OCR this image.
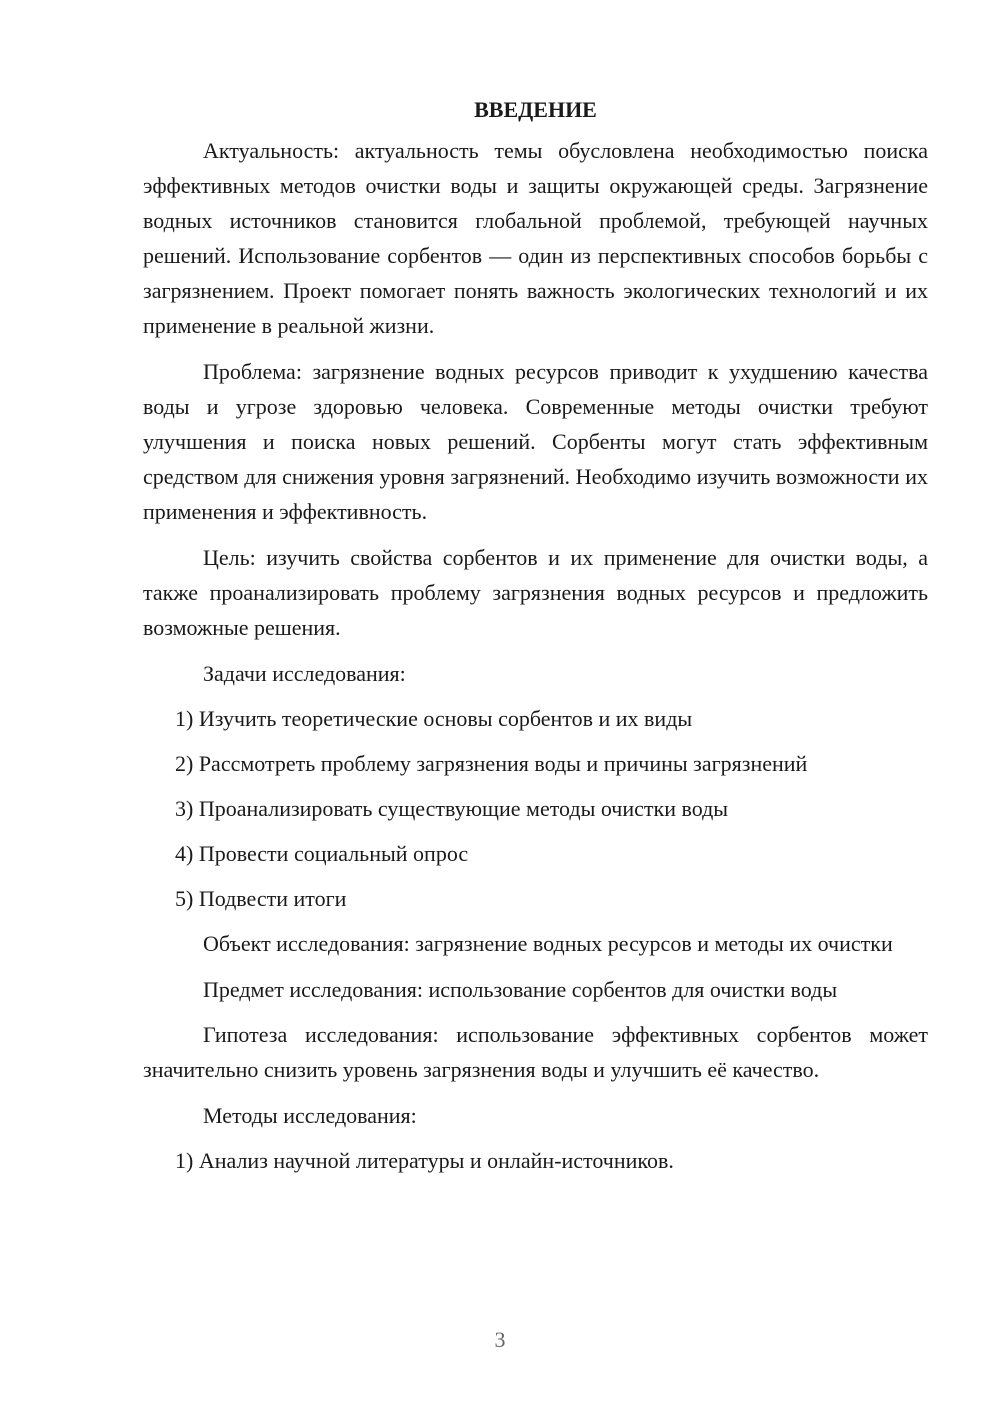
ВВЕДЕНИЕ

Актуальность: актуальность темы обусловлена необходимостью поиска эффективных методов очистки воды и защиты окружающей среды. Загрязнение водных источников становится глобальной проблемой, требующей научных решений. Использование сорбентов — один из перспективных способов борьбы с загрязнением. Проект помогает понять важность экологических технологий и их применение в реальной жизни.

Проблема: загрязнение водных ресурсов приводит к ухудшению качества воды и угрозе здоровью человека. Современные методы очистки требуют улучшения и поиска новых решений. Сорбенты могут стать эффективным средством для снижения уровня загрязнений. Необходимо изучить возможности их применения и эффективность.

Цель: изучить свойства сорбентов и их применение для очистки воды, а также проанализировать проблему загрязнения водных ресурсов и предложить возможные решения.

Задачи исследования:

1) Изучить теоретические основы сорбентов и их виды

2) Рассмотреть проблему загрязнения воды и причины загрязнений

3) Проанализировать существующие методы очистки воды

4) Провести социальный опрос

5) Подвести итоги

Объект исследования: загрязнение водных ресурсов и методы их очистки

Предмет исследования: использование сорбентов для очистки воды

Гипотеза исследования: использование эффективных сорбентов может значительно снизить уровень загрязнения воды и улучшить её качество.

Методы исследования:

1) Анализ научной литературы и онлайн-источников.

3
